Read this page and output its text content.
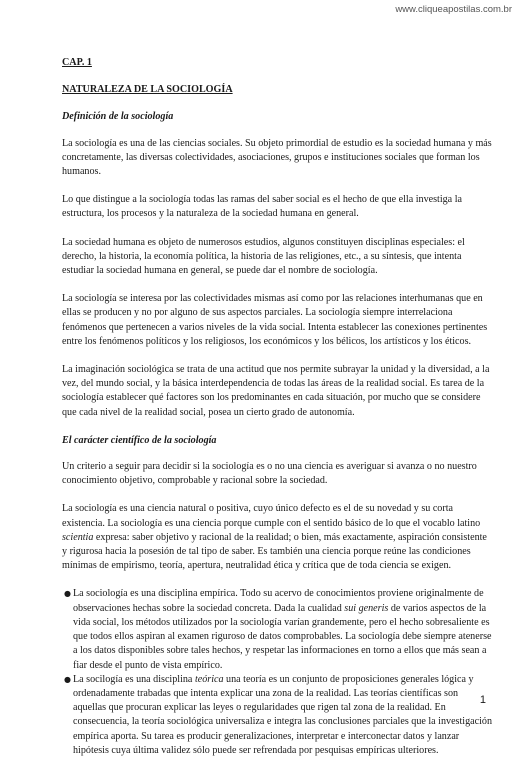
www.cliqueapostilas.com.br
CAP. 1
NATURALEZA DE LA SOCIOLOGÍA
Definición de la sociología

La sociología es una de las ciencias sociales. Su objeto primordial de estudio es la sociedad humana y más concretamente, las diversas colectividades, asociaciones, grupos e instituciones sociales que forman los humanos.

Lo que distingue a la sociología todas las ramas del saber social es el hecho de que ella investiga la estructura, los procesos y la naturaleza de la sociedad humana en general.

La sociedad humana es objeto de numerosos estudios, algunos constituyen disciplinas especiales: el derecho, la historia, la economía política, la historia de las religiones, etc., a su síntesis, que intenta estudiar la sociedad humana en general, se puede dar el nombre de sociología.

La sociología se interesa por las colectividades mismas así como por las relaciones interhumanas que en ellas se producen y no por alguno de sus aspectos parciales. La sociología siempre interrelaciona fenómenos que pertenecen a varios niveles de la vida social. Intenta establecer las conexiones pertinentes entre los fenómenos políticos y los religiosos, los económicos y los bélicos, los artísticos y los éticos.

La imaginación sociológica se trata de una actitud que nos permite subrayar la unidad y la diversidad, a la vez, del mundo social, y la básica interdependencia de todas las áreas de la realidad social. Es tarea de la sociología establecer qué factores son los predominantes en cada situación, por mucho que se considere que cada nivel de la realidad social, posea un cierto grado de autonomía.

El carácter científico de la sociología

Un criterio a seguir para decidir si la sociología es o no una ciencia es averiguar si avanza o no nuestro conocimiento objetivo, comprobable y racional sobre la sociedad.

La sociología es una ciencia natural o positiva, cuyo único defecto es el de su novedad y su corta existencia. La sociología es una ciencia porque cumple con el sentido básico de lo que el vocablo latino scientia expresa: saber objetivo y racional de la realidad; o bien, más exactamente, aspiración consistente y rigurosa hacia la posesión de tal tipo de saber. Es también una ciencia porque reúne las condiciones mínimas de empirismo, teoría, apertura, neutralidad ética y crítica que de toda ciencia se exigen.

● La sociología es una disciplina empírica. Todo su acervo de conocimientos proviene originalmente de observaciones hechas sobre la sociedad concreta. Dada la cualidad sui generis de varios aspectos de la vida social, los métodos utilizados por la sociología varían grandemente, pero el hecho sobresaliente es que todos ellos aspiran al examen riguroso de datos comprobables. La sociología debe siempre atenerse a los datos disponibles sobre tales hechos, y respetar las informaciones en torno a ellos que más sean a fiar desde el punto de vista empírico.
● La socilogía es una disciplina teórica una teoría es un conjunto de proposiciones generales lógica y ordenadamente trabadas que intenta explicar una zona de la realidad. Las teorías científicas son aquellas que procuran explicar las leyes o regularidades que rigen tal zona de la realidad. En consecuencia, la teoría sociológica universaliza e integra las conclusiones parciales que la investigación empírica aporta. Su tarea es producir generalizaciones, interpretar e interconectar datos y lanzar hipótesis cuya última validez sólo puede ser refrendada por pesquisas empíricas ulteriores.
1
